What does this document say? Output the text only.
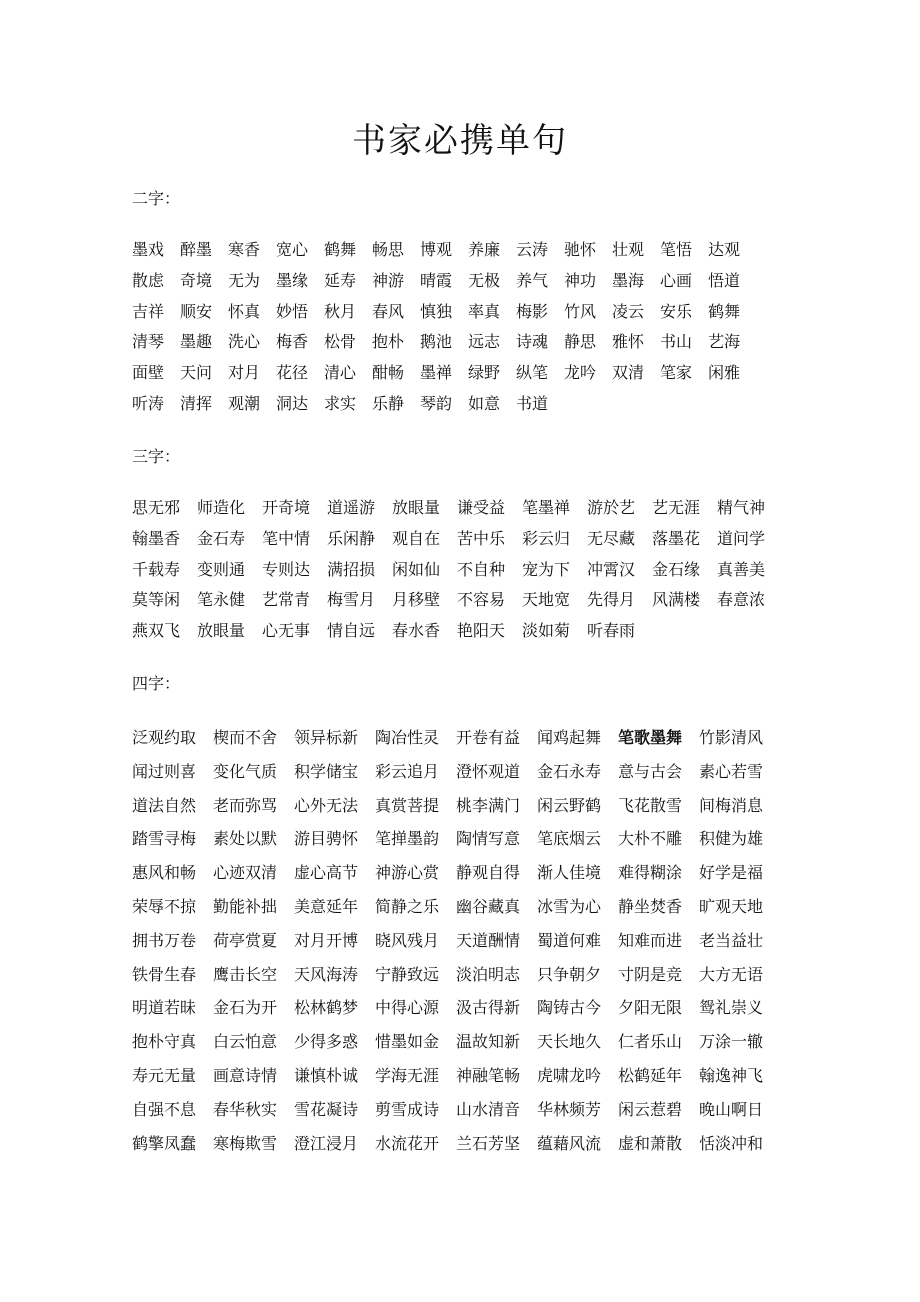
书家必携单句
二字：
墨戏 醉墨 寒香 宽心 鹤舞 畅思 博观 养廉 云涛 驰怀 壮观 笔悟 达观
散虑 奇境 无为 墨缘 延寿 神游 晴霞 无极 养气 神功 墨海 心画 悟道
吉祥 顺安 怀真 妙悟 秋月 春风 慎独 率真 梅影 竹风 凌云 安乐 鹤舞
清琴 墨趣 洗心 梅香 松骨 抱朴 鹅池 远志 诗魂 静思 雅怀 书山 艺海
面壁 天问 对月 花径 清心 酣畅 墨禅 绿野 纵笔 龙吟 双清 笔家 闲雅
听涛 清挥 观潮 洞达 求实 乐静 琴韵 如意 书道
三字：
思无邪 师造化 开奇境 道遥游 放眼量 谦受益 笔墨禅 游於艺 艺无涯 精气神
翰墨香 金石寿 笔中情 乐闲静 观自在 苦中乐 彩云归 无尽藏 落墨花 道问学
千载寿 变则通 专则达 满招损 闲如仙 不自种 宠为下 冲霄汉 金石缘 真善美
莫等闲 笔永健 艺常青 梅雪月 月移壁 不容易 天地宽 先得月 风满楼 春意浓
燕双飞 放眼量 心无事 情自远 春水香 艳阳天 淡如菊 听春雨
四字：
泛观约取 楔而不舍 领异标新 陶冶性灵 开卷有益 闻鸡起舞 笔歌墨舞 竹影清风
闻过则喜 变化气质 积学储宝 彩云追月 澄怀观道 金石永寿 意与古会 素心若雪
道法自然 老而弥骂 心外无法 真赏菩提 桃李满门 闲云野鹤 飞花散雪 间梅消息
踏雪寻梅 素处以默 游目骋怀 笔掸墨韵 陶情写意 笔底烟云 大朴不雕 积健为雄
惠风和畅 心迹双清 虚心高节 神游心赏 静观自得 渐人佳境 难得糊涂 好学是福
荣辱不掠 勤能补拙 美意延年 简静之乐 幽谷藏真 冰雪为心 静坐焚香 旷观天地
拥书万卷 荷亭赏夏 对月开博 晓风残月 天道酬情 蜀道何难 知难而进 老当益壮
铁骨生春 鹰击长空 天风海涛 宁静致远 淡泊明志 只争朝夕 寸阴是竞 大方无语
明道若昧 金石为开 松林鹤梦 中得心源 汲古得新 陶铸古今 夕阳无限 鸳礼崇义
抱朴守真 白云怕意 少得多惑 惜墨如金 温故知新 天长地久 仁者乐山 万涂一辙
寿元无量 画意诗情 谦慎朴诚 学海无涯 神融笔畅 虎啸龙吟 松鹤延年 翰逸神飞
自强不息 春华秋实 雪花凝诗 剪雪成诗 山水清音 华林频芳 闲云惹碧 晚山啊日
鹤擎凤蠢 寒梅欺雪 澄江浸月 水流花开 兰石芳坚 蕴藉风流 虚和萧散 恬淡冲和
